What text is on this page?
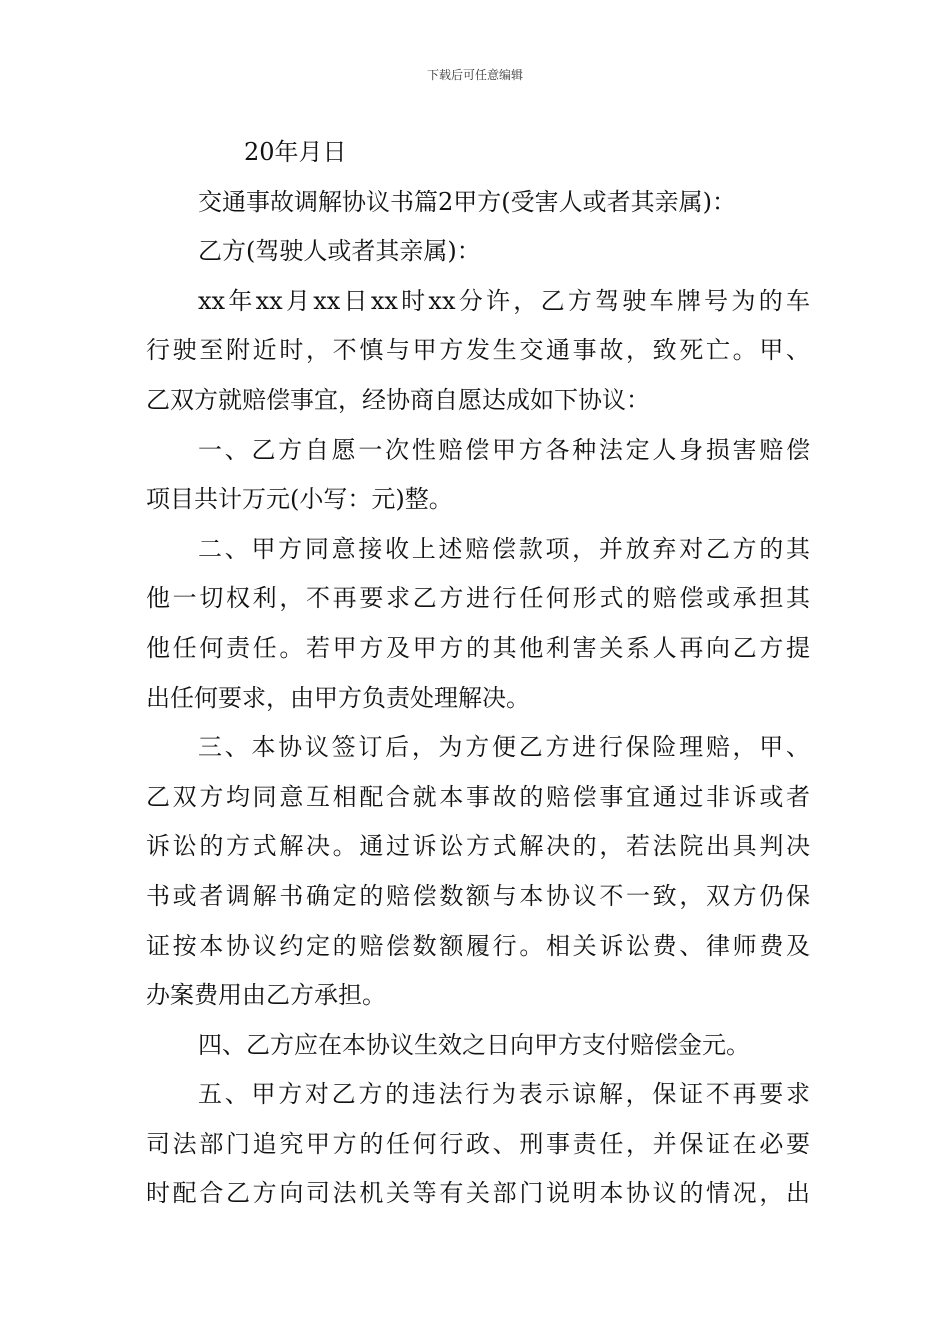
下载后可任意编辑
20年月日
交通事故调解协议书篇2甲方(受害人或者其亲属)：
乙方(驾驶人或者其亲属)：
xx年xx月xx日xx时xx分许，乙方驾驶车牌号为的车
行驶至附近时，不慎与甲方发生交通事故，致死亡。甲、
乙双方就赔偿事宜，经协商自愿达成如下协议：
一、乙方自愿一次性赔偿甲方各种法定人身损害赔偿
项目共计万元(小写：元)整。
二、甲方同意接收上述赔偿款项，并放弃对乙方的其
他一切权利，不再要求乙方进行任何形式的赔偿或承担其
他任何责任。若甲方及甲方的其他利害关系人再向乙方提
出任何要求，由甲方负责处理解决。
三、本协议签订后，为方便乙方进行保险理赔，甲、
乙双方均同意互相配合就本事故的赔偿事宜通过非诉或者
诉讼的方式解决。通过诉讼方式解决的，若法院出具判决
书或者调解书确定的赔偿数额与本协议不一致，双方仍保
证按本协议约定的赔偿数额履行。相关诉讼费、律师费及
办案费用由乙方承担。
四、乙方应在本协议生效之日向甲方支付赔偿金元。
五、甲方对乙方的违法行为表示谅解，保证不再要求
司法部门追究甲方的任何行政、刑事责任，并保证在必要
时配合乙方向司法机关等有关部门说明本协议的情况，出
